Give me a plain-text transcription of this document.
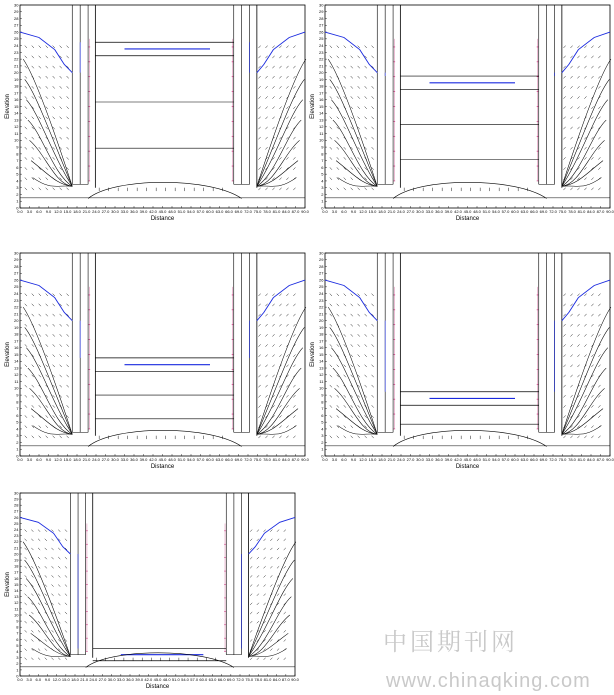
0
1
2
3
4
5
6
7
8
9
10
11
12
13
14
15
16
17
18
19
20
21
22
23
24
25
26
27
28
29
30
0.0 3.0 6.0 9.0 12.0 15.0 18.0 21.0 24.0 27.0 30.0 33.0 36.0 39.0 42.0 45.0 48.0 51.0 54.0 57.0 60.0 63.0 66.0 69.0 72.0 75.0 78.0 81.0 84.0 87.0 90.0
Distance
Elevation
0
1
2
3
4
5
6
7
8
9
10
11
12
13
14
15
16
17
18
19
20
21
22
23
24
25
26
27
28
29
30
0.0 3.0 6.0 9.0 12.0 15.0 18.0 21.0 24.0 27.0 30.0 33.0 36.0 39.0 42.0 45.0 48.0 51.0 54.0 57.0 60.0 63.0 66.0 69.0 72.0 75.0 78.0 81.0 84.0 87.0 90.0
Distance
Elevation
0
1
2
3
4
5
6
7
8
9
10
11
12
13
14
15
16
17
18
19
20
21
22
23
24
25
26
27
28
29
30
0.0 3.0 6.0 9.0 12.0 15.0 18.0 21.0 24.0 27.0 30.0 33.0 36.0 39.0 42.0 45.0 48.0 51.0 54.0 57.0 60.0 63.0 66.0 69.0 72.0 75.0 78.0 81.0 84.0 87.0 90.0
Distance
Elevation
0
1
2
3
4
5
6
7
8
9
10
11
12
13
14
15
16
17
18
19
20
21
22
23
24
25
26
27
28
29
30
0.0 3.0 6.0 9.0 12.0 15.0 18.0 21.0 24.0 27.0 30.0 33.0 36.0 39.0 42.0 45.0 48.0 51.0 54.0 57.0 60.0 63.0 66.0 69.0 72.0 75.0 78.0 81.0 84.0 87.0 90.0
Distance
Elevation
0
1
2
3
4
5
6
7
8
9
10
11
12
13
14
15
16
17
18
19
20
21
22
23
24
25
26
27
28
29
30
0.0 3.0 6.0 9.0 12.0 15.0 18.0 21.0 24.0 27.0 30.0 33.0 36.0 39.0 42.0 45.0 48.0 51.0 54.0 57.0 60.0 63.0 66.0 69.0 72.0 75.0 78.0 81.0 84.0 87.0 90.0
Distance
Elevation
中国期刊网
www.chinaqking.com
